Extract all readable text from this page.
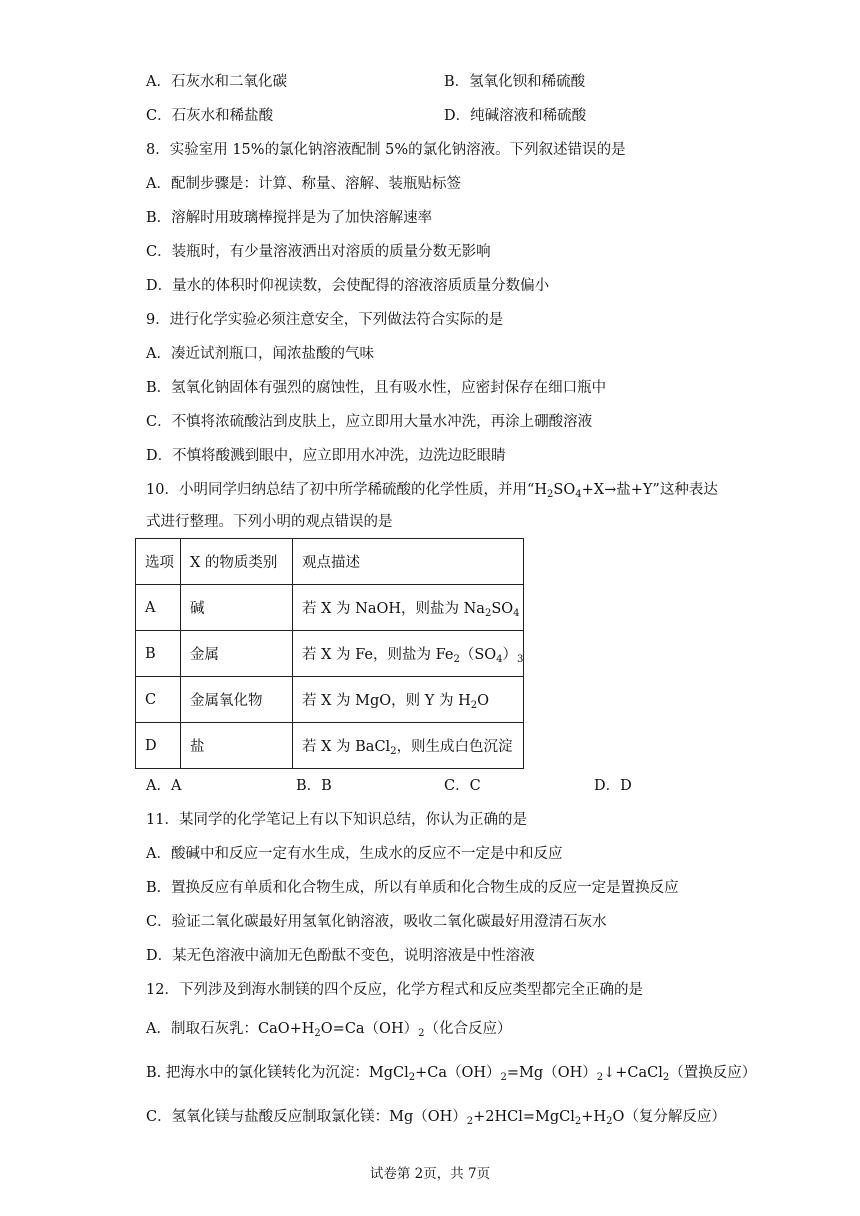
A．石灰水和二氧化碳	B．氢氧化钡和稀硫酸
C．石灰水和稀盐酸	D．纯碱溶液和稀硫酸
8．实验室用 15%的氯化钠溶液配制 5%的氯化钠溶液。下列叙述错误的是
A．配制步骤是：计算、称量、溶解、装瓶贴标签
B．溶解时用玻璃棒搅拌是为了加快溶解速率
C．装瓶时，有少量溶液洒出对溶质的质量分数无影响
D．量水的体积时仰视读数，会使配得的溶液溶质质量分数偏小
9．进行化学实验必须注意安全，下列做法符合实际的是
A．凑近试剂瓶口，闻浓盐酸的气味
B．氢氧化钠固体有强烈的腐蚀性，且有吸水性，应密封保存在细口瓶中
C．不慎将浓硫酸沾到皮肤上，应立即用大量水冲洗，再涂上硼酸溶液
D．不慎将酸溅到眼中，应立即用水冲洗，边洗边眨眼睛
10．小明同学归纳总结了初中所学稀硫酸的化学性质，并用“$H_2SO_4+X\to$盐+Y”这种表达
式进行整理。下列小明的观点错误的是
选项	X 的物质类别	观点描述
A	碱	若 X 为 NaOH，则盐为 $Na_2SO_4$
B	金属	若 X 为 Fe，则盐为 $Fe_2(SO_4)_3$
C	金属氧化物	若 X 为 MgO，则 Y 为 $H_2O$
D	盐	若 X 为 BaCl$_2$，则生成白色沉淀
A．A	B．B	C．C	D．D
11．某同学的化学笔记上有以下知识总结，你认为正确的是
A．酸碱中和反应一定有水生成，生成水的反应不一定是中和反应
B．置换反应有单质和化合物生成，所以有单质和化合物生成的反应一定是置换反应
C．验证二氧化碳最好用氢氧化钠溶液，吸收二氧化碳最好用澄清石灰水
D．某无色溶液中滴加无色酚酞不变色，说明溶液是中性溶液
12．下列涉及到海水制镁的四个反应，化学方程式和反应类型都完全正确的是
A．制取石灰乳：$CaO+H_2O=Ca(OH)_2$（化合反应）
B. 把海水中的氯化镁转化为沉淀：$MgCl_2+Ca(OH)_2=Mg(OH)_2↓+CaCl_2$（置换反应）
C．氢氧化镁与盐酸反应制取氯化镁：$Mg(OH)_2+2HCl=MgCl_2+H_2O$（复分解反应）
试卷第 2页，共 7页
